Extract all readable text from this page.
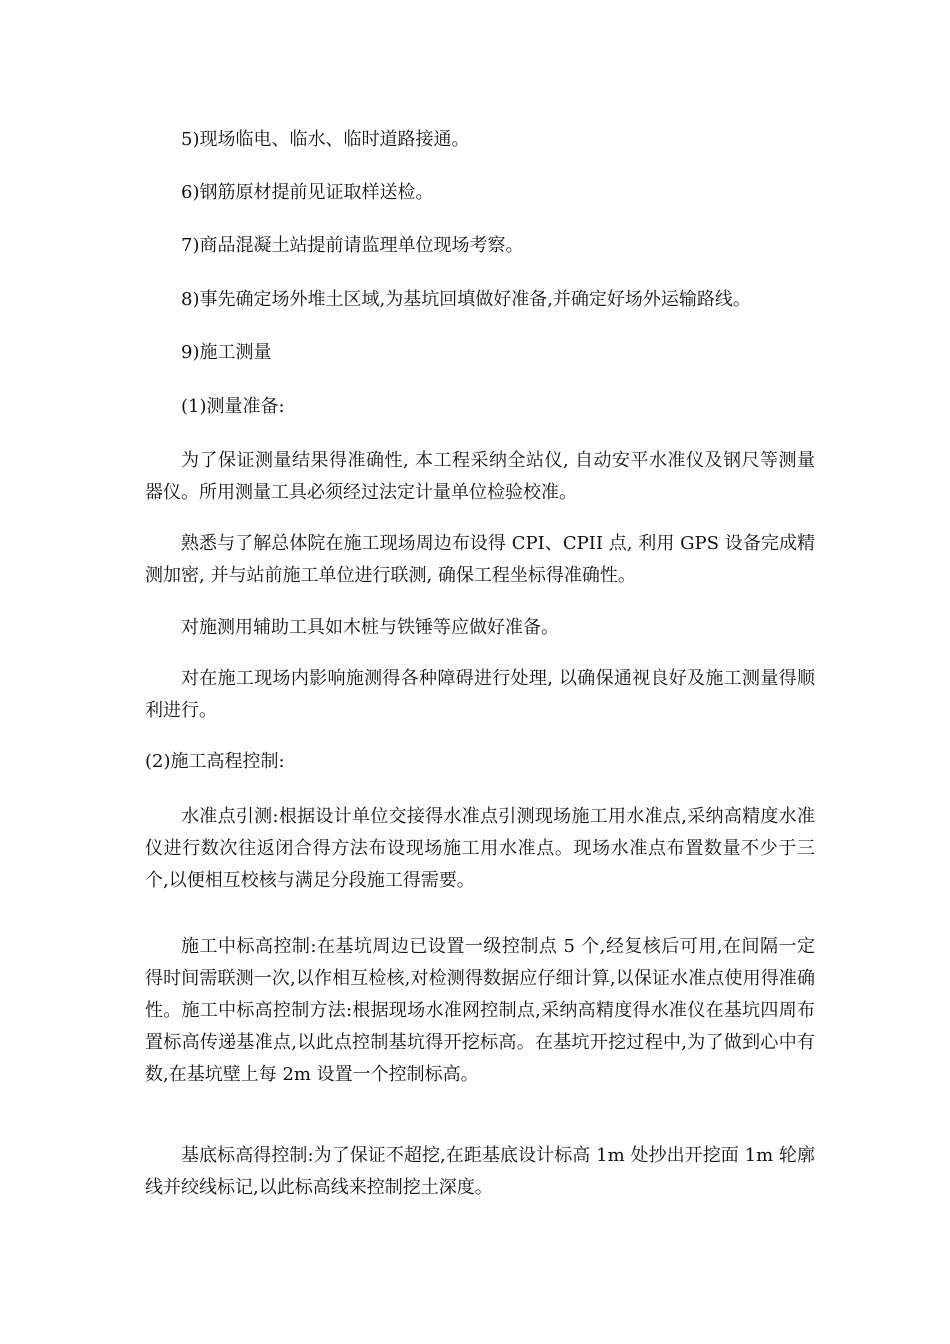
5)现场临电、临水、临时道路接通。

6)钢筋原材提前见证取样送检。

7)商品混凝土站提前请监理单位现场考察。

8)事先确定场外堆土区域,为基坑回填做好准备,并确定好场外运输路线。

9)施工测量

(1)测量准备:

为了保证测量结果得准确性, 本工程采纳全站仪, 自动安平水准仪及钢尺等测量器仪。所用测量工具必须经过法定计量单位检验校准。

熟悉与了解总体院在施工现场周边布设得 CPI、CPII 点, 利用 GPS 设备完成精测加密, 并与站前施工单位进行联测, 确保工程坐标得准确性。

对施测用辅助工具如木桩与铁锤等应做好准备。

对在施工现场内影响施测得各种障碍进行处理, 以确保通视良好及施工测量得顺利进行。

(2)施工高程控制:

水准点引测:根据设计单位交接得水准点引测现场施工用水准点,采纳高精度水准仪进行数次往返闭合得方法布设现场施工用水准点。现场水准点布置数量不少于三个,以便相互校核与满足分段施工得需要。

施工中标高控制:在基坑周边已设置一级控制点 5 个,经复核后可用,在间隔一定得时间需联测一次,以作相互检核,对检测得数据应仔细计算,以保证水准点使用得准确性。施工中标高控制方法:根据现场水准网控制点,采纳高精度得水准仪在基坑四周布置标高传递基准点,以此点控制基坑得开挖标高。在基坑开挖过程中,为了做到心中有数,在基坑壁上每 2m 设置一个控制标高。

基底标高得控制:为了保证不超挖,在距基底设计标高 1m 处抄出开挖面 1m 轮廓线并绞线标记,以此标高线来控制挖土深度。
